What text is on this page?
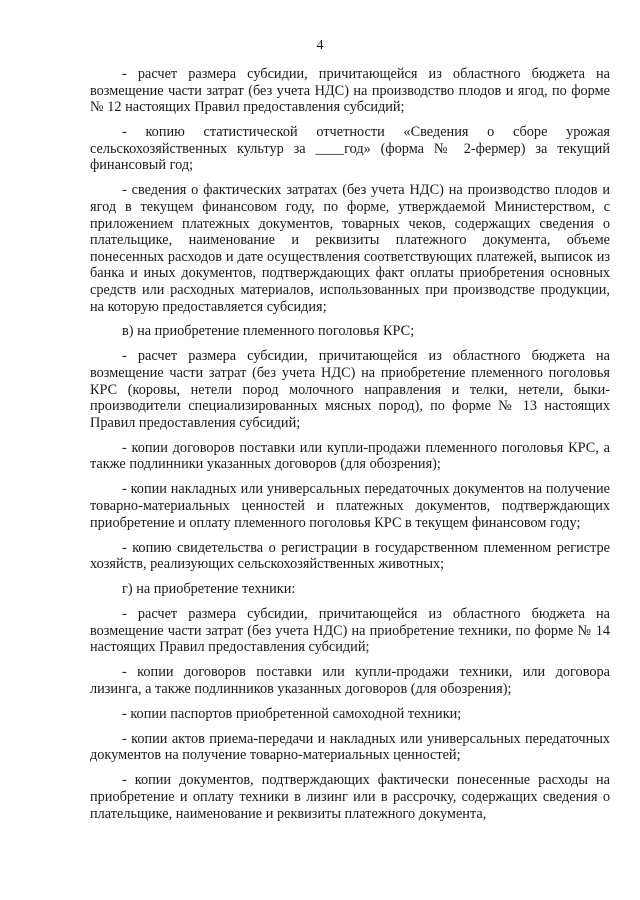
4

- расчет размера субсидии, причитающейся из областного бюджета на возмещение части затрат (без учета НДС) на производство плодов и ягод, по форме № 12 настоящих Правил предоставления субсидий;

- копию статистической отчетности «Сведения о сборе урожая сельскохозяйственных культур за ____год» (форма № 2-фермер) за текущий финансовый год;

- сведения о фактических затратах (без учета НДС) на производство плодов и ягод в текущем финансовом году, по форме, утверждаемой Министерством, с приложением платежных документов, товарных чеков, содержащих сведения о плательщике, наименование и реквизиты платежного документа, объеме понесенных расходов и дате осуществления соответствующих платежей, выписок из банка и иных документов, подтверждающих факт оплаты приобретения основных средств или расходных материалов, использованных при производстве продукции, на которую предоставляется субсидия;

в) на приобретение племенного поголовья КРС;

- расчет размера субсидии, причитающейся из областного бюджета на возмещение части затрат (без учета НДС) на приобретение племенного поголовья КРС (коровы, нетели пород молочного направления и телки, нетели, быки-производители специализированных мясных пород), по форме № 13 настоящих Правил предоставления субсидий;

- копии договоров поставки или купли-продажи племенного поголовья КРС, а также подлинники указанных договоров (для обозрения);

- копии накладных или универсальных передаточных документов на получение товарно-материальных ценностей и платежных документов, подтверждающих приобретение и оплату племенного поголовья КРС в текущем финансовом году;

- копию свидетельства о регистрации в государственном племенном регистре хозяйств, реализующих сельскохозяйственных животных;

г) на приобретение техники:

- расчет размера субсидии, причитающейся из областного бюджета на возмещение части затрат (без учета НДС) на приобретение техники, по форме № 14 настоящих Правил предоставления субсидий;

- копии договоров поставки или купли-продажи техники, или договора лизинга, а также подлинников указанных договоров (для обозрения);

- копии паспортов приобретенной самоходной техники;

- копии актов приема-передачи и накладных или универсальных передаточных документов на получение товарно-материальных ценностей;

- копии документов, подтверждающих фактически понесенные расходы на приобретение и оплату техники в лизинг или в рассрочку, содержащих сведения о плательщике, наименование и реквизиты платежного документа,
